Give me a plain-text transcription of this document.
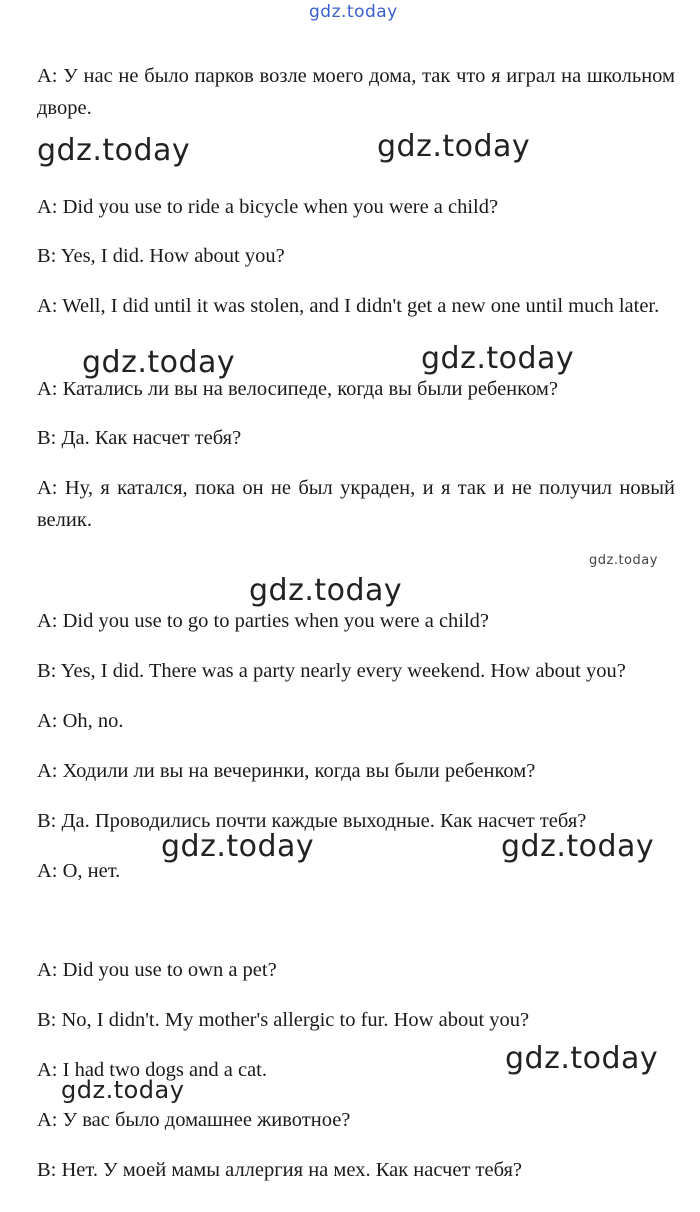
gdz.today
gdz.today	gdz.today
gdz.today	gdz.today
gdz.today
gdz.today
gdz.today	gdz.today
gdz.today
gdz.today

A: У нас не было парков возле моего дома, так что я играл на школьном дворе.

A: Did you use to ride a bicycle when you were a child?

B: Yes, I did. How about you?

A: Well, I did until it was stolen, and I didn't get a new one until much later.

A: Катались ли вы на велосипеде, когда вы были ребенком?

B: Да. Как насчет тебя?

A: Ну, я катался, пока он не был украден, и я так и не получил новый велик.

A: Did you use to go to parties when you were a child?

B: Yes, I did. There was a party nearly every weekend. How about you?

A: Oh, no.

A: Ходили ли вы на вечеринки, когда вы были ребенком?

B: Да. Проводились почти каждые выходные. Как насчет тебя?

A: О, нет.

A: Did you use to own a pet?

B: No, I didn't. My mother's allergic to fur. How about you?

A: I had two dogs and a cat.

A: У вас было домашнее животное?

B: Нет. У моей мамы аллергия на мех. Как насчет тебя?
